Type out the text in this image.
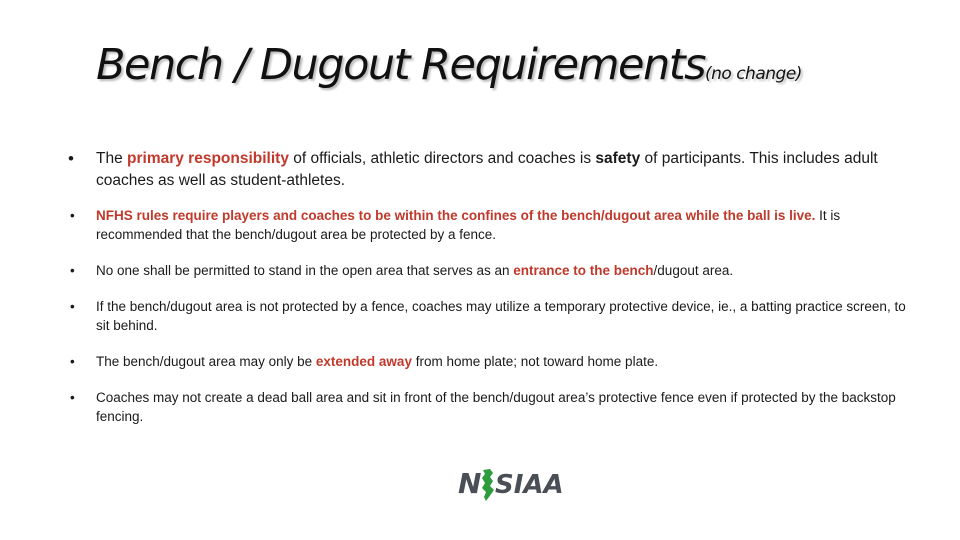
Bench / Dugout Requirements(no change)
• The primary responsibility of officials, athletic directors and coaches is safety of participants. This includes adult coaches as well as student-athletes.
• NFHS rules require players and coaches to be within the confines of the bench/dugout area while the ball is live. It is recommended that the bench/dugout area be protected by a fence.
• No one shall be permitted to stand in the open area that serves as an entrance to the bench/dugout area.
• If the bench/dugout area is not protected by a fence, coaches may utilize a temporary protective device, ie., a batting practice screen, to sit behind.
• The bench/dugout area may only be extended away from home plate; not toward home plate.
• Coaches may not create a dead ball area and sit in front of the bench/dugout area’s protective fence even if protected by the backstop fencing.
N SIAA
